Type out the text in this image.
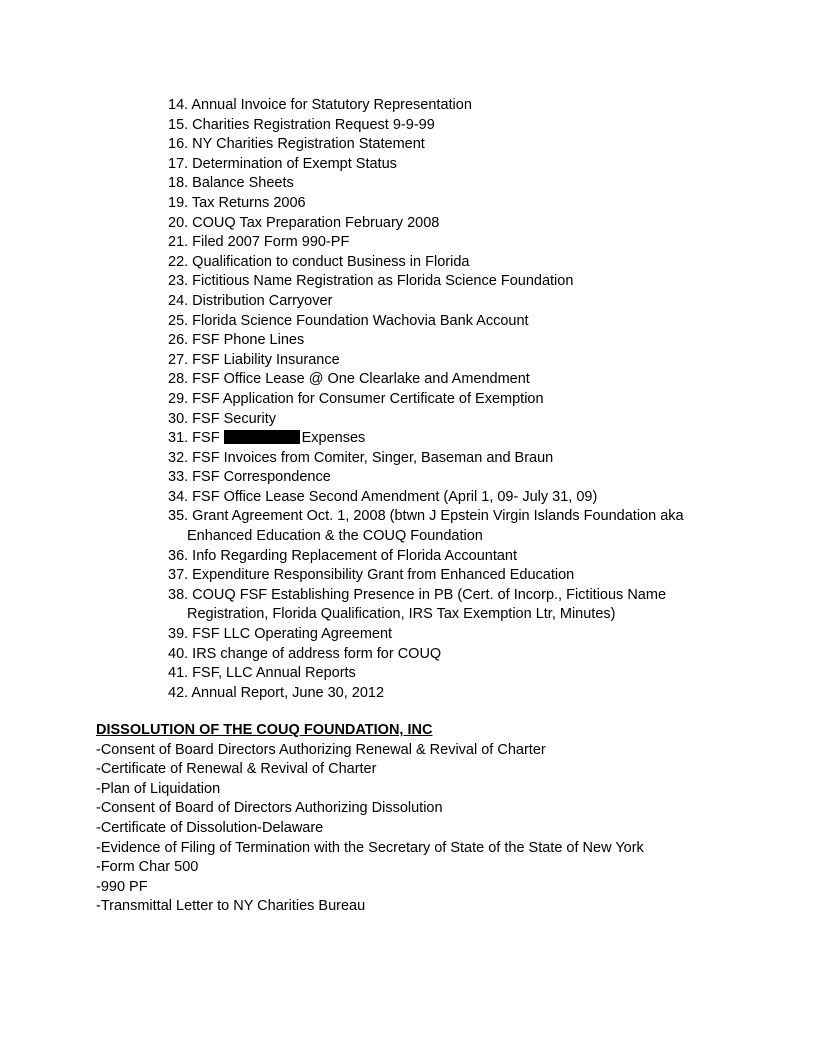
14. Annual Invoice for Statutory Representation
15. Charities Registration Request 9-9-99
16. NY Charities Registration Statement
17. Determination of Exempt Status
18. Balance Sheets
19. Tax Returns 2006
20. COUQ Tax Preparation February 2008
21. Filed 2007 Form 990-PF
22. Qualification to conduct Business in Florida
23. Fictitious Name Registration as Florida Science Foundation
24. Distribution Carryover
25. Florida Science Foundation Wachovia Bank Account
26. FSF Phone Lines
27. FSF Liability Insurance
28. FSF Office Lease @ One Clearlake and Amendment
29. FSF Application for Consumer Certificate of Exemption
30. FSF Security
31. FSF	Expenses
32. FSF Invoices from Comiter, Singer, Baseman and Braun
33. FSF Correspondence
34. FSF Office Lease Second Amendment (April 1, 09- July 31, 09)
35. Grant Agreement Oct. 1, 2008 (btwn J Epstein Virgin Islands Foundation aka
Enhanced Education & the COUQ Foundation
36. Info Regarding Replacement of Florida Accountant
37. Expenditure Responsibility Grant from Enhanced Education
38. COUQ FSF Establishing Presence in PB (Cert. of Incorp., Fictitious Name
Registration, Florida Qualification, IRS Tax Exemption Ltr, Minutes)
39. FSF LLC Operating Agreement
40. IRS change of address form for COUQ
41. FSF, LLC Annual Reports
42. Annual Report, June 30, 2012

DISSOLUTION OF THE COUQ FOUNDATION, INC

-Consent of Board Directors Authorizing Renewal & Revival of Charter
-Certificate of Renewal & Revival of Charter
-Plan of Liquidation
-Consent of Board of Directors Authorizing Dissolution
-Certificate of Dissolution-Delaware
-Evidence of Filing of Termination with the Secretary of State of the State of New York
-Form Char 500
-990 PF
-Transmittal Letter to NY Charities Bureau
